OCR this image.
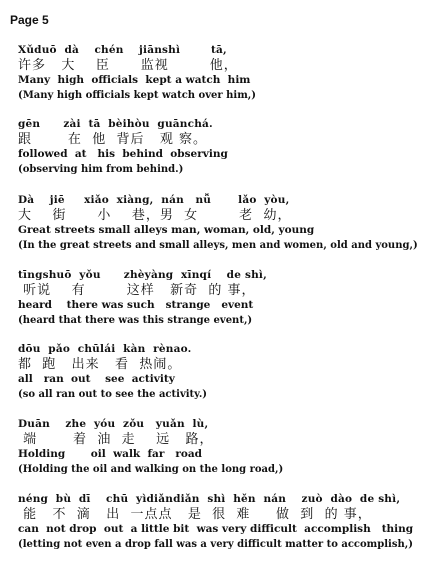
Page 5
Xǔduō  dà    chén    jiānshì        tā,
许多   大    臣      监视        他，
Many  high  officials  kept a watch  him
(Many high officials kept watch over him,)
gēn      zài  tā  bèihòu  guānchá.
跟       在  他  背后   观 察。
followed  at   his  behind  observing
(observing him from behind.)
Dà    jiē     xiǎo  xiàng,  nán   nǚ       lǎo  yòu,
大    街      小    巷，男  女        老  幼，
Great streets small alleys man, woman, old, young
(In the great streets and small alleys, men and women, old and young,)
tīngshuō  yǒu      zhèyàng  xīnqí    de shì,
听说    有        这样   新奇  的 事，
heard    there was such   strange   event
(heard that there was this strange event,)
dōu  pǎo  chūlái  kàn  rènao.
都  跑   出来   看  热闹。
all   ran  out    see  activity
(so all ran out to see the activity.)
Duān    zhe  yóu  zǒu   yuǎn  lù,
端       着  油  走    远   路，
Holding       oil  walk  far   road
(Holding the oil and walking on the long road,)
néng  bù  dī    chū  yìdiǎndiǎn  shì  hěn  nán    zuò  dào  de shì,
能   不  滴   出  一点点   是  很  难     做  到  的 事，
can  not drop  out  a little bit  was very difficult  accomplish   thing
(letting not even a drop fall was a very difficult matter to accomplish,)
